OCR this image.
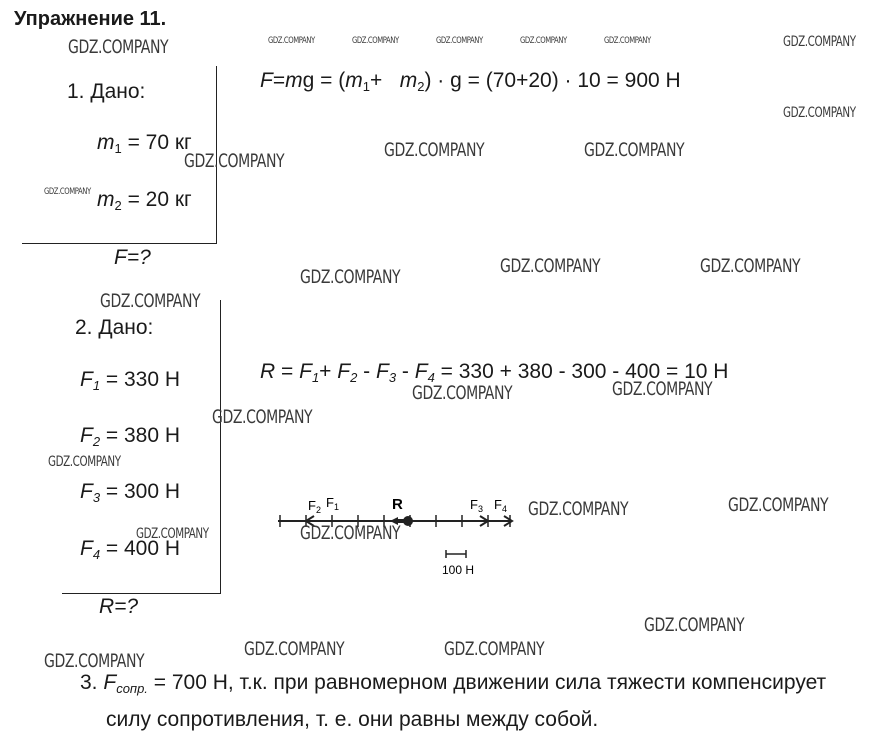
Упражнение 11.
1. Дано:
$m_1 = 70$ кг
$m_2 = 20$ кг
F=?
$F=mg = (m_1+ m_2) \cdot g = (70+20) \cdot 10 = 900$ Н
2. Дано:
$F_1 = 330$ Н
$F_2 = 380$ Н
$F_3 = 300$ Н
$F_4 = 400$ Н
R=?
$R = F_1+ F_2 - F_3 - F_4 = 330 + 380 - 300 - 400 = 10$ Н
$F_2$ $F_1$	R	$F_3$ $F_4$
100 Н
3. $F_{сопр.} = 700$ Н, т.к. при равномерном движении сила тяжести компенсирует
силу сопротивления, т. е. они равны между собой.
GDZ.COMPANY	GDZ.COMPANY	GDZ.COMPANY	GDZ.COMPANY	GDZ.COMPANY	GDZ.COMPANY	GDZ.COMPANY
GDZ.COMPANY
GDZ.COMPANY	GDZ.COMPANY	GDZ.COMPANY
GDZ.COMPANY
GDZ.COMPANY	GDZ.COMPANY	GDZ.COMPANY
GDZ.COMPANY
GDZ.COMPANY	GDZ.COMPANY
GDZ.COMPANY
GDZ.COMPANY
GDZ.COMPANY	GDZ.COMPANY
GDZ.COMPANY	GDZ.COMPANY
GDZ.COMPANY
GDZ.COMPANY	GDZ.COMPANY
GDZ.COMPANY
